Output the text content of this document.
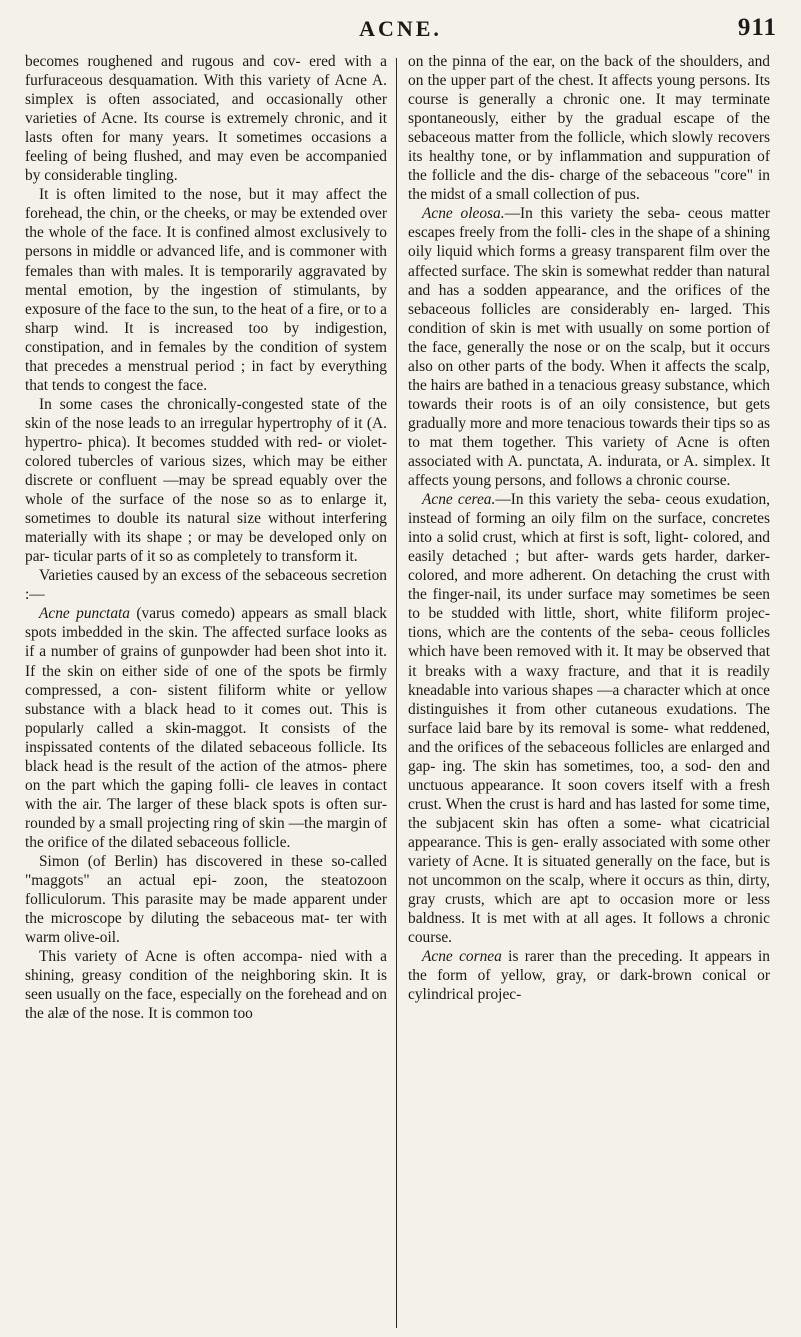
ACNE.	911

becomes roughened and rugous and cov- ered with a furfuraceous desquamation. With this variety of Acne A. simplex is often associated, and occasionally other varieties of Acne. Its course is extremely chronic, and it lasts often for many years. It sometimes occasions a feeling of being flushed, and may even be accompanied by considerable tingling.

It is often limited to the nose, but it may affect the forehead, the chin, or the cheeks, or may be extended over the whole of the face. It is confined almost exclusively to persons in middle or advanced life, and is commoner with females than with males. It is temporarily aggravated by mental emotion, by the ingestion of stimulants, by exposure of the face to the sun, to the heat of a fire, or to a sharp wind. It is increased too by indigestion, constipation, and in females by the condition of system that precedes a menstrual period ; in fact by everything that tends to congest the face.

In some cases the chronically-congested state of the skin of the nose leads to an irregular hypertrophy of it (A. hypertro- phica). It becomes studded with red- or violet-colored tubercles of various sizes, which may be either discrete or confluent —may be spread equably over the whole of the surface of the nose so as to enlarge it, sometimes to double its natural size without interfering materially with its shape ; or may be developed only on par- ticular parts of it so as completely to transform it.

Varieties caused by an excess of the sebaceous secretion :—

Acne punctata (varus comedo) appears as small black spots imbedded in the skin. The affected surface looks as if a number of grains of gunpowder had been shot into it. If the skin on either side of one of the spots be firmly compressed, a con- sistent filiform white or yellow substance with a black head to it comes out. This is popularly called a skin-maggot. It consists of the inspissated contents of the dilated sebaceous follicle. Its black head is the result of the action of the atmos- phere on the part which the gaping folli- cle leaves in contact with the air. The larger of these black spots is often sur- rounded by a small projecting ring of skin —the margin of the orifice of the dilated sebaceous follicle.

Simon (of Berlin) has discovered in these so-called "maggots" an actual epi- zoon, the steatozoon folliculorum. This parasite may be made apparent under the microscope by diluting the sebaceous mat- ter with warm olive-oil.

This variety of Acne is often accompa- nied with a shining, greasy condition of the neighboring skin. It is seen usually on the face, especially on the forehead and on the alæ of the nose. It is common too

on the pinna of the ear, on the back of the shoulders, and on the upper part of the chest. It affects young persons. Its course is generally a chronic one. It may terminate spontaneously, either by the gradual escape of the sebaceous matter from the follicle, which slowly recovers its healthy tone, or by inflammation and suppuration of the follicle and the dis- charge of the sebaceous "core" in the midst of a small collection of pus.

Acne oleosa.—In this variety the seba- ceous matter escapes freely from the folli- cles in the shape of a shining oily liquid which forms a greasy transparent film over the affected surface. The skin is somewhat redder than natural and has a sodden appearance, and the orifices of the sebaceous follicles are considerably en- larged. This condition of skin is met with usually on some portion of the face, generally the nose or on the scalp, but it occurs also on other parts of the body. When it affects the scalp, the hairs are bathed in a tenacious greasy substance, which towards their roots is of an oily consistence, but gets gradually more and more tenacious towards their tips so as to mat them together. This variety of Acne is often associated with A. punctata, A. indurata, or A. simplex. It affects young persons, and follows a chronic course.

Acne cerea.—In this variety the seba- ceous exudation, instead of forming an oily film on the surface, concretes into a solid crust, which at first is soft, light- colored, and easily detached ; but after- wards gets harder, darker-colored, and more adherent. On detaching the crust with the finger-nail, its under surface may sometimes be seen to be studded with little, short, white filiform projec- tions, which are the contents of the seba- ceous follicles which have been removed with it. It may be observed that it breaks with a waxy fracture, and that it is readily kneadable into various shapes —a character which at once distinguishes it from other cutaneous exudations. The surface laid bare by its removal is some- what reddened, and the orifices of the sebaceous follicles are enlarged and gap- ing. The skin has sometimes, too, a sod- den and unctuous appearance. It soon covers itself with a fresh crust. When the crust is hard and has lasted for some time, the subjacent skin has often a some- what cicatricial appearance. This is gen- erally associated with some other variety of Acne. It is situated generally on the face, but is not uncommon on the scalp, where it occurs as thin, dirty, gray crusts, which are apt to occasion more or less baldness. It is met with at all ages. It follows a chronic course.

Acne cornea is rarer than the preceding. It appears in the form of yellow, gray, or dark-brown conical or cylindrical projec-
